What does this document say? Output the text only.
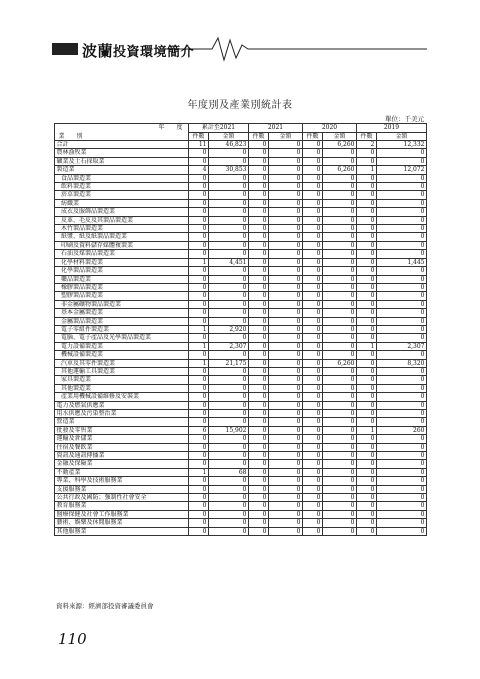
波蘭投資環境簡介
年度別及產業別統計表
單位：千美元
年　　度
業　　別	累計至2021		2021		2020		2019	
	件數	金額	件數	金額	件數	金額	件數	金額
合計	11	46,823	0	0	0	6,260	2	12,332
農林漁牧業	0	0	0	0	0	0	0	0
礦業及土石採取業	0	0	0	0	0	0	0	0
製造業	4	30,853	0	0	0	6,260	1	12,072
食品製造業	0	0	0	0	0	0	0	0
飲料製造業	0	0	0	0	0	0	0	0
菸草製造業	0	0	0	0	0	0	0	0
紡織業	0	0	0	0	0	0	0	0
成衣及服飾品製造業	0	0	0	0	0	0	0	0
皮革、毛皮及其製品製造業	0	0	0	0	0	0	0	0
木竹製品製造業	0	0	0	0	0	0	0	0
紙漿、紙及紙製品製造業	0	0	0	0	0	0	0	0
印刷及資料儲存媒體複製業	0	0	0	0	0	0	0	0
石油及煤製品製造業	0	0	0	0	0	0	0	0
化學材料製造業	1	4,451	0	0	0	0	0	1,445
化學製品製造業	0	0	0	0	0	0	0	0
藥品製造業	0	0	0	0	0	0	0	0
橡膠製品製造業	0	0	0	0	0	0	0	0
塑膠製品製造業	0	0	0	0	0	0	0	0
非金屬礦物製品製造業	0	0	0	0	0	0	0	0
基本金屬製造業	0	0	0	0	0	0	0	0
金屬製品製造業	0	0	0	0	0	0	0	0
電子零組件製造業	1	2,920	0	0	0	0	0	0
電腦、電子產品及光學製品製造業	0	0	0	0	0	0	0	0
電力設備製造業	1	2,307	0	0	0	0	1	2,307
機械設備製造業	0	0	0	0	0	0	0	0
汽車及其零件製造業	1	21,175	0	0	0	6,260	0	8,320
其他運輸工具製造業	0	0	0	0	0	0	0	0
家具製造業	0	0	0	0	0	0	0	0
其他製造業	0	0	0	0	0	0	0	0
產業用機械設備維修及安裝業	0	0	0	0	0	0	0	0
電力及燃氣供應業	0	0	0	0	0	0	0	0
用水供應及污染整治業	0	0	0	0	0	0	0	0
營造業	0	0	0	0	0	0	0	0
批發及零售業	6	15,902	0	0	0	0	1	260
運輸及倉儲業	0	0	0	0	0	0	0	0
住宿及餐飲業	0	0	0	0	0	0	0	0
資訊及通訊傳播業	0	0	0	0	0	0	0	0
金融及保險業	0	0	0	0	0	0	0	0
不動產業	1	68	0	0	0	0	0	0
專業、科學及技術服務業	0	0	0	0	0	0	0	0
支援服務業	0	0	0	0	0	0	0	0
公共行政及國防；強制性社會安全	0	0	0	0	0	0	0	0
教育服務業	0	0	0	0	0	0	0	0
醫療保健及社會工作服務業	0	0	0	0	0	0	0	0
藝術、娛樂及休閒服務業	0	0	0	0	0	0	0	0
其他服務業	0	0	0	0	0	0	0	0
資料來源：經濟部投資審議委員會
110
